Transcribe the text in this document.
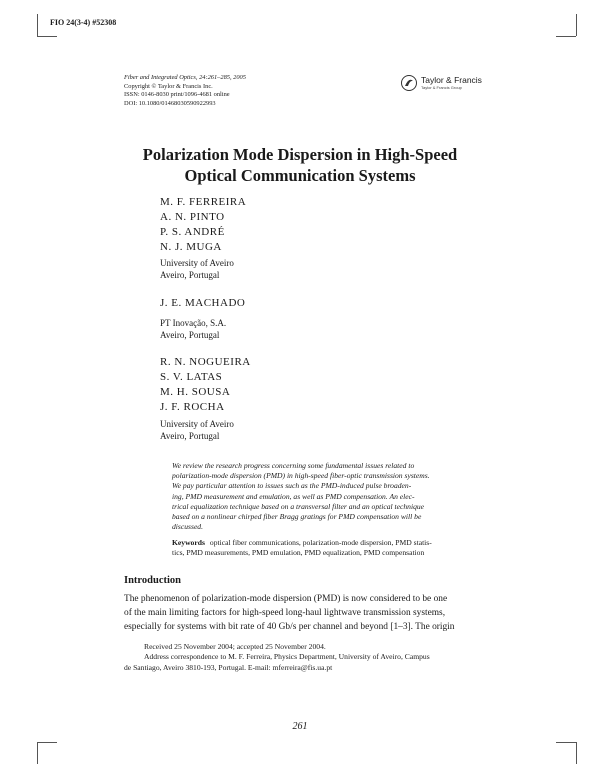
FIO 24(3-4) #52308
Fiber and Integrated Optics, 24:261–285, 2005
Copyright © Taylor & Francis Inc.
ISSN: 0146-8030 print/1096-4681 online
DOI: 10.1080/01468030590922993
Taylor & Francis
Taylor & Francis Group
Polarization Mode Dispersion in High-Speed
Optical Communication Systems
M. F. FERREIRA
A. N. PINTO
P. S. ANDRÉ
N. J. MUGA
University of Aveiro
Aveiro, Portugal
J. E. MACHADO
PT Inovação, S.A.
Aveiro, Portugal
R. N. NOGUEIRA
S. V. LATAS
M. H. SOUSA
J. F. ROCHA
University of Aveiro
Aveiro, Portugal
We review the research progress concerning some fundamental issues related to
polarization-mode dispersion (PMD) in high-speed fiber-optic transmission systems.
We pay particular attention to issues such as the PMD-induced pulse broaden-
ing, PMD measurement and emulation, as well as PMD compensation. An elec-
trical equalization technique based on a transversal filter and an optical technique
based on a nonlinear chirped fiber Bragg gratings for PMD compensation will be
discussed.
Keywords optical fiber communications, polarization-mode dispersion, PMD statis-
tics, PMD measurements, PMD emulation, PMD equalization, PMD compensation
Introduction
The phenomenon of polarization-mode dispersion (PMD) is now considered to be one
of the main limiting factors for high-speed long-haul lightwave transmission systems,
especially for systems with bit rate of 40 Gb/s per channel and beyond [1–3]. The origin
Received 25 November 2004; accepted 25 November 2004.
Address correspondence to M. F. Ferreira, Physics Department, University of Aveiro, Campus
de Santiago, Aveiro 3810-193, Portugal. E-mail: mferreira@fis.ua.pt
261
